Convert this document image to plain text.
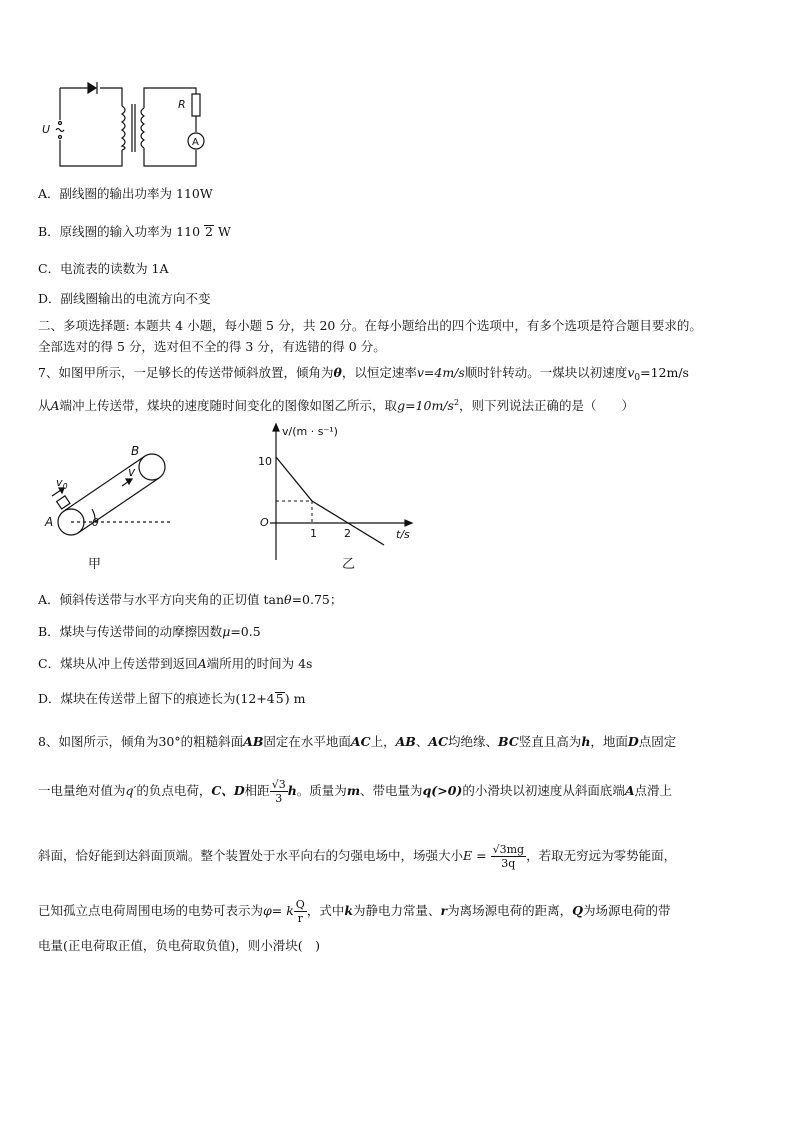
U
R
A
A．副线圈的输出功率为 110W
B．原线圈的输入功率为 110 2 W
C．电流表的读数为 1A
D．副线圈输出的电流方向不变
二、多项选择题: 本题共 4 小题，每小题 5 分，共 20 分。在每小题给出的四个选项中，有多个选项是符合题目要求的。
全部选对的得 5 分，选对但不全的得 3 分，有选错的得 0 分。
7、如图甲所示，一足够长的传送带倾斜放置，倾角为θ，以恒定速率v=4m/s顺时针转动。一煤块以初速度$v_0=12m/s$
从A端冲上传送带，煤块的速度随时间变化的图像如图乙所示，取$g=10m/s^2$，则下列说法正确的是（　　）
B
A
$v_0$
v
θ
甲
v/(m · s⁻¹)
t/s
10
O
1 2
乙
A．倾斜传送带与水平方向夹角的正切值 tanθ=0.75；
B．煤块与传送带间的动摩擦因数μ=0.5
C．煤块从冲上传送带到返回A端所用的时间为 4s
D．煤块在传送带上留下的痕迹长为(12+45) m
8、如图所示，倾角为30°的粗糙斜面AB固定在水平地面AC上，AB、AC均绝缘、BC竖直且高为h，地面D点固定
一电量绝对值为q′的负点电荷，C、D相距 $\frac{√3}{3}$ h。质量为m、带电量为q(>0)的小滑块以初速度从斜面底端A点滑上
斜面，恰好能到达斜面顶端。整个装置处于水平向右的匀强电场中，场强大小$E = \frac{√3mg}{3q}$ ，若取无穷远为零势能面，
已知孤立点电荷周围电场的电势可表示为φ= k $\frac{Q}{r}$ ，式中k为静电力常量、r为离场源电荷的距离，Q为场源电荷的带
电量(正电荷取正值，负电荷取负值)，则小滑块(　)
